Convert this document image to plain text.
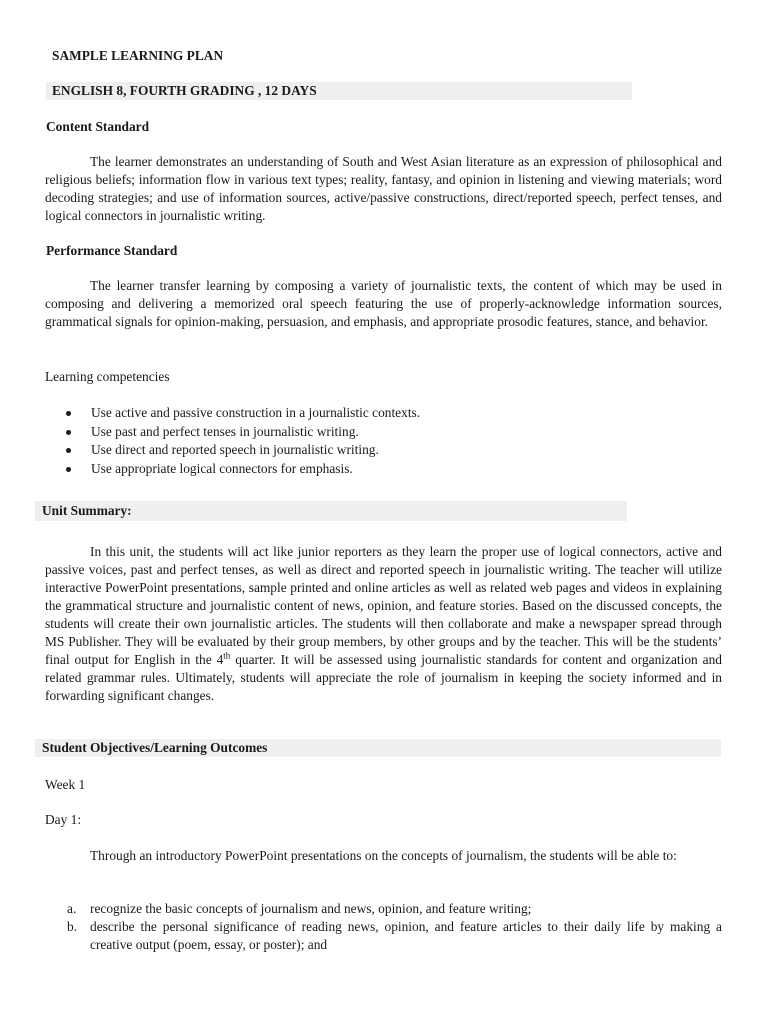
SAMPLE LEARNING PLAN
ENGLISH 8, FOURTH GRADING , 12 DAYS
Content Standard

The learner demonstrates an understanding of South and West Asian literature as an expression of philosophical and religious beliefs; information flow in various text types; reality, fantasy, and opinion in listening and viewing materials; word decoding strategies; and use of information sources, active/passive constructions, direct/reported speech, perfect tenses, and logical connectors in journalistic writing.

Performance Standard

The learner transfer learning by composing a variety of journalistic texts, the content of which may be used in composing and delivering a memorized oral speech featuring the use of properly-acknowledge information sources, grammatical signals for opinion-making, persuasion, and emphasis, and appropriate prosodic features, stance, and behavior.

Learning competencies
Use active and passive construction in a journalistic contexts.
Use past and perfect tenses in journalistic writing.
Use direct and reported speech in journalistic writing.
Use appropriate logical connectors for emphasis.
Unit Summary:

In this unit, the students will act like junior reporters as they learn the proper use of logical connectors, active and passive voices, past and perfect tenses, as well as direct and reported speech in journalistic writing. The teacher will utilize interactive PowerPoint presentations, sample printed and online articles as well as related web pages and videos in explaining the grammatical structure and journalistic content of news, opinion, and feature stories. Based on the discussed concepts, the students will create their own journalistic articles. The students will then collaborate and make a newspaper spread through MS Publisher. They will be evaluated by their group members, by other groups and by the teacher. This will be the students’ final output for English in the 4th quarter. It will be assessed using journalistic standards for content and organization and related grammar rules. Ultimately, students will appreciate the role of journalism in keeping the society informed and in forwarding significant changes.

Student Objectives/Learning Outcomes
Week 1
Day 1:
Through an introductory PowerPoint presentations on the concepts of journalism, the students will be able to:
a. recognize the basic concepts of journalism and news, opinion, and feature writing;
b. describe the personal significance of reading news, opinion, and feature articles to their daily life by making a creative output (poem, essay, or poster); and
